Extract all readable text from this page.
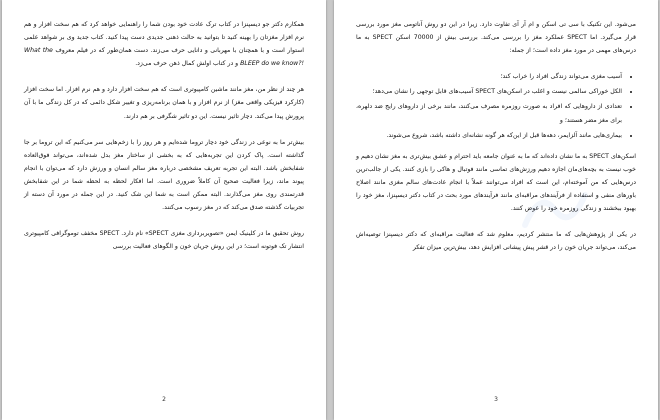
همکارم دکتر جو دیسپنزا در کتاب ترک عادت خود بودن شما را راهنمایی خواهد کرد که هم سخت افزار و هم نرم افزار مغزتان را بهینه کنید تا بتوانید به حالت ذهنی جدیدی دست پیدا کنید. کتاب جدید وی بر شواهد علمی استوار است و با همچنان با مهربانی و دانایی حرف می‌زند. دست همان‌طور که در فیلم معروف What the BLEEP do we know?! و در کتاب اولش کمال ذهن حرف می‌زد.

هر چند از نظر من، مغز مانند ماشین کامپیوتری است که هم سخت افزار دارد و هم نرم افزار. اما سخت افزار (کارکرد فیزیکی واقعی مغز) از نرم افزار و با همان برنامه‌ریزی و تغییر شکل دائمی که در کل زندگی ما با آن پرورش پیدا می‌کند. دچار تاثیر نیست. این دو تاثیر شگرفی بر هم دارند.

بیش‌تر ما به نوعی در زندگی خود دچار تروما شده‌ایم و هر روز را با زخم‌هایی سر می‌کنیم که این تروما بر جا گذاشته است. پاک کردن این تجربه‌هایی که به بخشی از ساختار مغز بدل شده‌اند، می‌تواند فوق‌العاده شفابخش باشد. البته این تجربه تعریف مشخصی درباره مغز سالم انسان و ورزش دارد که می‌توان با انجام پیوند ماند، زیرا فعالیت صحیح آن کاملاً ضروری است. اما افکار لحظه به لحظه شما در این شفابخش قدرتمندی روی مغز می‌گذارند. البته ممکن است به شما این شک کنید. در این جمله در مورد آن دسته از تجربیات گذشته صدق می‌کند که در مغز رسوب می‌کنند.

روش تحقیق ما در کلینیک ایمن «تصویربرداری مغزی SPECT» نام دارد. SPECT مخفف توموگرافی کامپیوتری انتشار تک فوتونه است؛ در این روش جریان خون و الگوهای فعالیت بررسی

2

می‌شود. این تکنیک با سی تی اسکن و ام آر آی تفاوت دارد. زیرا در این دو روش آناتومی مغز مورد بررسی قرار می‌گیرد. اما SPECT عملکرد مغز را بررسی می‌کند. بررسی بیش از 70000 اسکن SPECT به ما درس‌های مهمی در مورد مغز داده است؛ از جمله:

• آسیب مغزی می‌تواند زندگی افراد را خراب کند؛
• الکل خوراکی سالمی نیست و اغلب در اسکن‌های SPECT آسیب‌های قابل توجهی را نشان می‌دهد؛
• تعدادی از داروهایی که افراد به صورت روزمره مصرف می‌کنند، مانند برخی از داروهای رایج ضد دلهره، برای مغز مضر هستند؛ و
• بیماری‌هایی مانند آلزایمر، دهه‌ها قبل از این‌که هر گونه نشانه‌ای داشته باشد، شروع می‌شوند.

اسکن‌های SPECT به ما نشان داده‌اند که ما به عنوان جامعه باید احترام و عشق بیش‌تری به مغز نشان دهیم و خوب نیست به بچه‌های‌مان اجازه دهیم ورزش‌های تماسی مانند فوتبال و هاکی را بازی کنند. یکی از جالب‌ترین درس‌هایی که من آموخته‌ام، این است که افراد می‌توانند عملاً با انجام عادت‌های سالم مغزی مانند اصلاح باورهای منفی و استفاده از فرآیندهای مراقبه‌ای مانند فرآیندهای مورد بحث در کتاب دکتر دیسپنزا، مغز خود را بهبود ببخشند و زندگی روزمره خود را عوض کنند.

در یکی از پژوهش‌هایی که ما منتشر کردیم، معلوم شد که فعالیت مراقبه‌ای که دکتر دیسپنزا توصیه‌اش می‌کند، می‌تواند جریان خون را در قشر پیش پیشانی افزایش دهد، بیش‌ترین میزان تفکر

3
